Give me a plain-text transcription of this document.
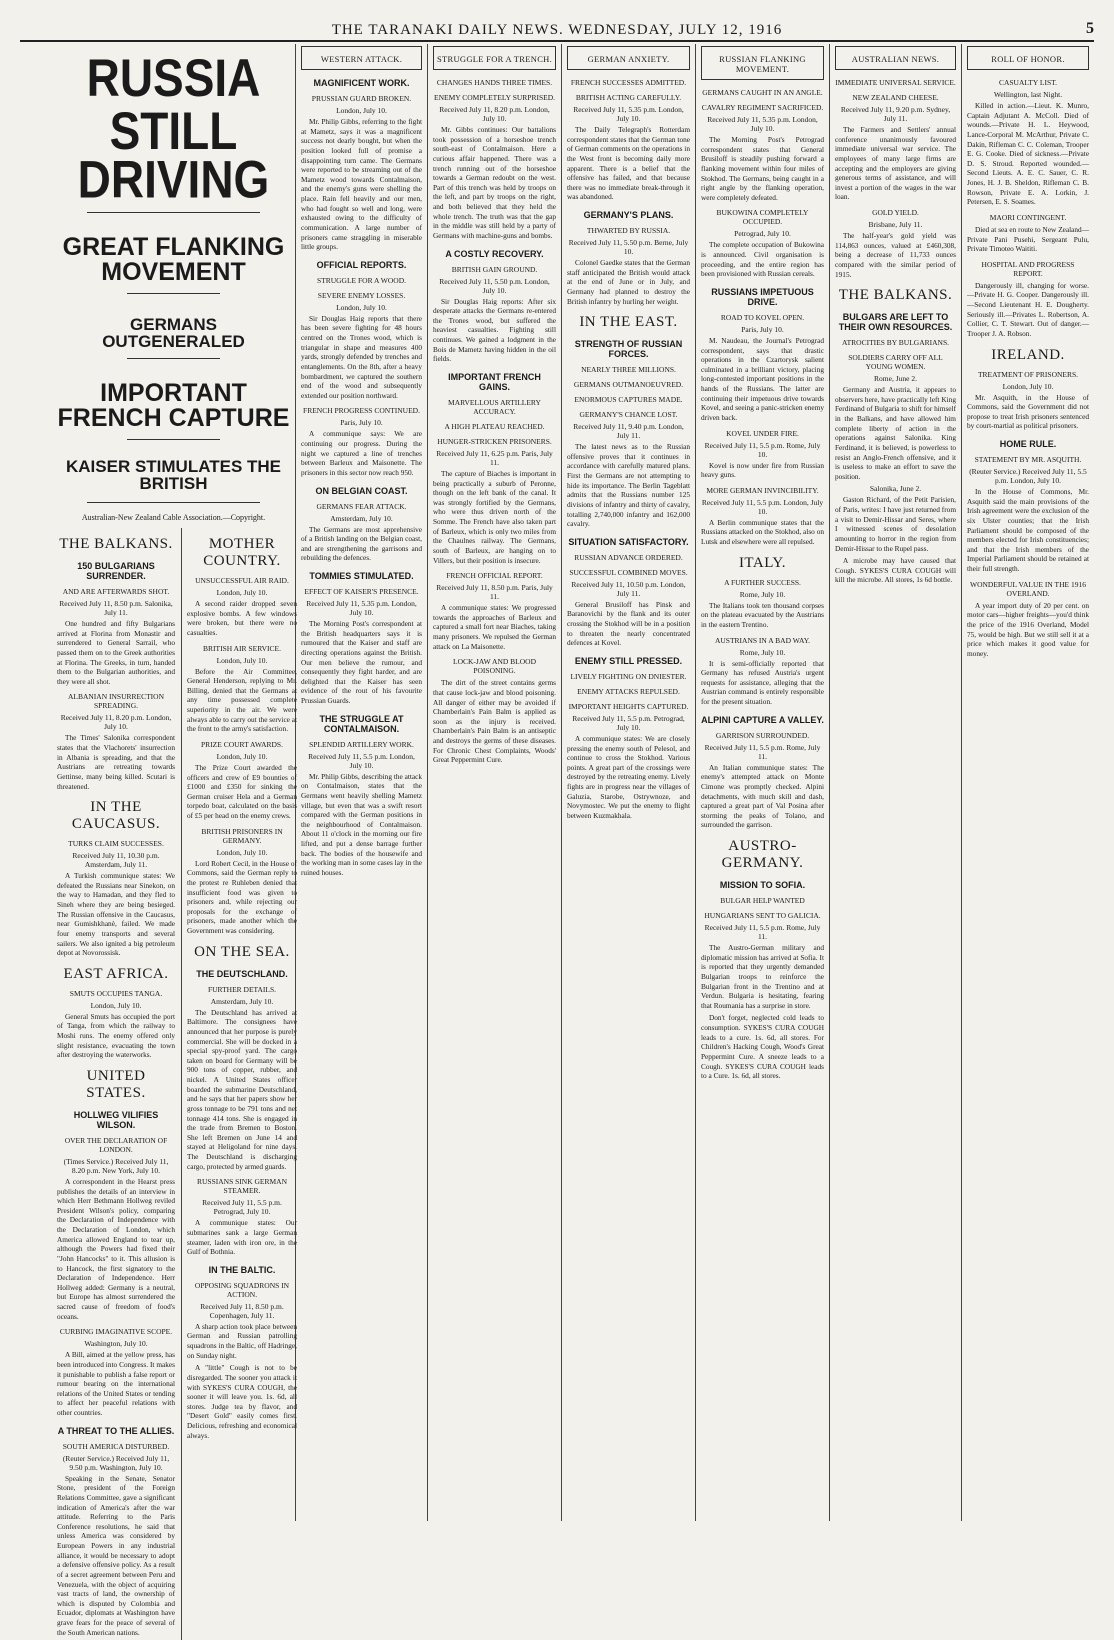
THE TARANAKI DAILY NEWS. WEDNESDAY, JULY 12, 1916	5
RUSSIA STILL
DRIVING
GREAT FLANKING MOVEMENT
GERMANS OUTGENERALED
IMPORTANT FRENCH CAPTURE
KAISER STIMULATES THE BRITISH
Australian-New Zealand Cable Association.—Copyright.
THE BALKANS.
150 BULGARIANS SURRENDER.
AND ARE AFTERWARDS SHOT.
Received July 11, 8.50 p.m. Salonika, July 11.

One hundred and fifty Bulgarians arrived at Florina from Monastir and surrendered to General Sarrail, who passed them on to the Greek authorities at Florina. The Greeks, in turn, handed them to the Bulgarian authorities, and they were all shot.

ALBANIAN INSURRECTION SPREADING.
Received July 11, 8.20 p.m. London, July 10.

The Times' Salonika correspondent states that the Vlachorets' insurrection in Albania is spreading, and that the Austrians are retreating towards Gettinse, many being killed. Scutari is threatened.

IN THE CAUCASUS.
TURKS CLAIM SUCCESSES.
Received July 11, 10.30 p.m. Amsterdam, July 11.

A Turkish communique states: We defeated the Russians near Sinekon, on the way to Hamadan, and they fled to Sineh where they are being besieged. The Russian offensive in the Caucasus, near Gumishkhanè, failed. We made four enemy transports and several sailers. We also ignited a big petroleum depot at Novorossisk.

EAST AFRICA.
SMUTS OCCUPIES TANGA.
London, July 10.

General Smuts has occupied the port of Tanga, from which the railway to Moshi runs. The enemy offered only slight resistance, evacuating the town after destroying the waterworks.

UNITED STATES.
HOLLWEG VILIFIES WILSON.
OVER THE DECLARATION OF LONDON.
(Times Service.) Received July 11, 8.20 p.m. New York, July 10.

A correspondent in the Hearst press publishes the details of an interview in which Herr Bethmann Hollweg reviled President Wilson's policy, comparing the Declaration of Independence with the Declaration of London, which America allowed England to tear up, although the Powers had fixed their "John Hancocks" to it. This allusion is to Hancock, the first signatory to the Declaration of Independence. Herr Hollweg added: Germany is a neutral, but Europe has almost surrendered the sacred cause of freedom of food's oceans.

CURBING IMAGINATIVE SCOPE.
Washington, July 10.

A Bill, aimed at the yellow press, has been introduced into Congress. It makes it punishable to publish a false report or rumour bearing on the international relations of the United States or tending to affect her peaceful relations with other countries.

A THREAT TO THE ALLIES.
SOUTH AMERICA DISTURBED.
(Reuter Service.) Received July 11, 9.50 p.m. Washington, July 10.

Speaking in the Senate, Senator Stone, president of the Foreign Relations Committee, gave a significant indication of America's after the war attitude. Referring to the Paris Conference resolutions, he said that unless America was considered by European Powers in any industrial alliance, it would be necessary to adopt a defensive offensive policy. As a result of a secret agreement between Peru and Venezuela, with the object of acquiring vast tracts of land, the ownership of which is disputed by Colombia and Ecuador, diplomats at Washington have grave fears for the peace of several of the South American nations.

MOTHER COUNTRY.
UNSUCCESSFUL AIR RAID.
London, July 10.

A second raider dropped seven explosive bombs. A few windows were broken, but there were no casualties.

BRITISH AIR SERVICE.
London, July 10.

Before the Air Committee, General Henderson, replying to Mr. Billing, denied that the Germans at any time possessed complete superiority in the air. We were always able to carry out the service at the front to the army's satisfaction.

PRIZE COURT AWARDS.
London, July 10.

The Prize Court awarded the officers and crew of E9 bounties of £1000 and £350 for sinking the German cruiser Hela and a German torpedo boat, calculated on the basis of £5 per head on the enemy crews.

BRITISH PRISONERS IN GERMANY.
London, July 10.

Lord Robert Cecil, in the House of Commons, said the German reply to the protest re Ruhleben denied that insufficient food was given to prisoners and, while rejecting our proposals for the exchange of prisoners, made another which the Government was considering.

ON THE SEA.
THE DEUTSCHLAND.
FURTHER DETAILS.
Amsterdam, July 10.

The Deutschland has arrived at Baltimore. The consignees have announced that her purpose is purely commercial. She will be docked in a special spy-proof yard. The cargo taken on board for Germany will be 900 tons of copper, rubber, and nickel. A United States officer boarded the submarine Deutschland, and he says that her papers show her gross tonnage to be 791 tons and net tonnage 414 tons. She is engaged in the trade from Bremen to Boston. She left Bremen on June 14 and stayed at Heligoland for nine days. The Deutschland is discharging cargo, protected by armed guards.

RUSSIANS SINK GERMAN STEAMER.
Received July 11, 5.5 p.m. Petrograd, July 10.

A communique states: Our submarines sank a large German steamer, laden with iron ore, in the Gulf of Bothnia.

IN THE BALTIC.
OPPOSING SQUADRONS IN ACTION.
Received July 11, 8.50 p.m. Copenhagen, July 11.

A sharp action took place between German and Russian patrolling squadrons in the Baltic, off Hadringe, on Sunday night.

A "little" Cough is not to be disregarded. The sooner you attack it with SYKES'S CURA COUGH, the sooner it will leave you. 1s. 6d, all stores. Judge tea by flavor, and "Desert Gold" easily comes first. Delicious, refreshing and economical always.

WESTERN ATTACK.
MAGNIFICENT WORK.
PRUSSIAN GUARD BROKEN.
London, July 10.

Mr. Philip Gibbs, referring to the fight at Mametz, says it was a magnificent success not dearly bought, but when the position looked full of promise a disappointing turn came. The Germans were reported to be streaming out of the Mametz wood towards Contalmaison, and the enemy's guns were shelling the place. Rain fell heavily and our men, who had fought so well and long, were exhausted owing to the difficulty of communication. A large number of prisoners came straggling in miserable little groups.

OFFICIAL REPORTS.
STRUGGLE FOR A WOOD.
SEVERE ENEMY LOSSES.
London, July 10.

Sir Douglas Haig reports that there has been severe fighting for 48 hours centred on the Trones wood, which is triangular in shape and measures 400 yards, strongly defended by trenches and entanglements. On the 8th, after a heavy bombardment, we captured the southern end of the wood and subsequently extended our position northward.

FRENCH PROGRESS CONTINUED.
Paris, July 10.

A communique says: We are continuing our progress. During the night we captured a line of trenches between Barleux and Maisonette. The prisoners in this sector now reach 950.

ON BELGIAN COAST.
GERMANS FEAR ATTACK.
Amsterdam, July 10.

The Germans are most apprehensive of a British landing on the Belgian coast, and are strengthening the garrisons and rebuilding the defences.

TOMMIES STIMULATED.
EFFECT OF KAISER'S PRESENCE.
Received July 11, 5.35 p.m. London, July 10.

The Morning Post's correspondent at the British headquarters says it is rumoured that the Kaiser and staff are directing operations against the British. Our men believe the rumour, and consequently they fight harder, and are delighted that the Kaiser has seen evidence of the rout of his favourite Prussian Guards.

THE STRUGGLE AT CONTALMAISON.
SPLENDID ARTILLERY WORK.
Received July 11, 5.5 p.m. London, July 10.

Mr. Philip Gibbs, describing the attack on Contalmaison, states that the Germans went heavily shelling Mametz village, but even that was a swift resort compared with the German positions in the neighbourhood of Contalmaison. About 11 o'clock in the morning our fire lifted, and put a dense barrage further back. The bodies of the housewife and the working man in some cases lay in the ruined houses.

STRUGGLE FOR A TRENCH.
CHANGES HANDS THREE TIMES.
ENEMY COMPLETELY SURPRISED.
Received July 11, 8.20 p.m. London, July 10.

Mr. Gibbs continues: Our battalions took possession of a horseshoe trench south-east of Contalmaison. Here a curious affair happened. There was a trench running out of the horseshoe towards a German redoubt on the west. Part of this trench was held by troops on the left, and part by troops on the right, and both believed that they held the whole trench. The truth was that the gap in the middle was still held by a party of Germans with machine-guns and bombs.

A COSTLY RECOVERY.
BRITISH GAIN GROUND.
Received July 11, 5.50 p.m. London, July 10.

Sir Douglas Haig reports: After six desperate attacks the Germans re-entered the Trones wood, but suffered the heaviest casualties. Fighting still continues. We gained a lodgment in the Bois de Mametz having hidden in the oil fields.

IMPORTANT FRENCH GAINS.
MARVELLOUS ARTILLERY ACCURACY.
A HIGH PLATEAU REACHED.
HUNGER-STRICKEN PRISONERS.
Received July 11, 6.25 p.m. Paris, July 11.

The capture of Biaches is important in being practically a suburb of Peronne, though on the left bank of the canal. It was strongly fortified by the Germans, who were thus driven north of the Somme. The French have also taken part of Barleux, which is only two miles from the Chaulnes railway. The Germans, south of Barleux, are hanging on to Villers, but their position is insecure.

FRENCH OFFICIAL REPORT.
Received July 11, 8.50 p.m. Paris, July 11.

A communique states: We progressed towards the approaches of Barleux and captured a small fort near Biaches, taking many prisoners. We repulsed the German attack on La Maisonette.

LOCK-JAW AND BLOOD POISONING.

The dirt of the street contains germs that cause lock-jaw and blood poisoning. All danger of either may be avoided if Chamberlain's Pain Balm is applied as soon as the injury is received. Chamberlain's Pain Balm is an antiseptic and destroys the germs of these diseases. For Chronic Chest Complaints, Woods' Great Peppermint Cure.

GERMAN ANXIETY.
FRENCH SUCCESSES ADMITTED.
BRITISH ACTING CAREFULLY.
Received July 11, 5.35 p.m. London, July 10.

The Daily Telegraph's Rotterdam correspondent states that the German tone of German comments on the operations in the West front is becoming daily more apparent. There is a belief that the offensive has failed, and that because there was no immediate break-through it was abandoned.

GERMANY'S PLANS.
THWARTED BY RUSSIA.
Received July 11, 5.50 p.m. Berne, July 10.

Colonel Gaedke states that the German staff anticipated the British would attack at the end of June or in July, and Germany had planned to destroy the British infantry by hurling her weight.

IN THE EAST.
STRENGTH OF RUSSIAN FORCES.
NEARLY THREE MILLIONS.
GERMANS OUTMANOEUVRED.
ENORMOUS CAPTURES MADE.
GERMANY'S CHANCE LOST.
Received July 11, 9.40 p.m. London, July 11.

The latest news as to the Russian offensive proves that it continues in accordance with carefully matured plans. First the Germans are not attempting to hide its importance. The Berlin Tageblatt admits that the Russians number 125 divisions of infantry and thirty of cavalry, totalling 2,740,000 infantry and 162,000 cavalry.

SITUATION SATISFACTORY.
RUSSIAN ADVANCE ORDERED.
SUCCESSFUL COMBINED MOVES.
Received July 11, 10.50 p.m. London, July 11.

General Brusiloff has Pinsk and Baranovichi by the flank and its outer crossing the Stokhod will be in a position to threaten the nearly concentrated defences at Kovel.

ENEMY STILL PRESSED.
LIVELY FIGHTING ON DNIESTER.
ENEMY ATTACKS REPULSED.
IMPORTANT HEIGHTS CAPTURED.
Received July 11, 5.5 p.m. Petrograd, July 10.

A communique states: We are closely pressing the enemy south of Pelesol, and continue to cross the Stokhod. Various points. A great part of the crossings were destroyed by the retreating enemy. Lively fights are in progress near the villages of Galuzia, Starobe, Ostrywnoze, and Novymostec. We put the enemy to flight between Kuzmakhala.

RUSSIAN FLANKING MOVEMENT.
GERMANS CAUGHT IN AN ANGLE.
CAVALRY REGIMENT SACRIFICED.
Received July 11, 5.35 p.m. London, July 10.

The Morning Post's Petrograd correspondent states that General Brusiloff is steadily pushing forward a flanking movement within four miles of Stokhod. The Germans, being caught in a right angle by the flanking operation, were completely defeated.

BUKOWINA COMPLETELY OCCUPIED.
Petrograd, July 10.

The complete occupation of Bukowina is announced. Civil organisation is proceeding, and the entire region has been provisioned with Russian cereals.

RUSSIANS IMPETUOUS DRIVE.
ROAD TO KOVEL OPEN.
Paris, July 10.

M. Naudeau, the Journal's Petrograd correspondent, says that drastic operations in the Czartorysk salient culminated in a brilliant victory, placing long-contested important positions in the hands of the Russians. The latter are continuing their impetuous drive towards Kovel, and seeing a panic-stricken enemy driven back.

KOVEL UNDER FIRE.
Received July 11, 5.5 p.m. Rome, July 10.

Kovel is now under fire from Russian heavy guns.

MORE GERMAN INVINCIBILITY.
Received July 11, 5.5 p.m. London, July 10.

A Berlin communique states that the Russians attacked on the Stokhod, also on Lutsk and elsewhere were all repulsed.

ITALY.
A FURTHER SUCCESS.
Rome, July 10.

The Italians took ten thousand corpses on the plateau evacuated by the Austrians in the eastern Trentino.

AUSTRIANS IN A BAD WAY.
Rome, July 10.

It is semi-officially reported that Germany has refused Austria's urgent requests for assistance, alleging that the Austrian command is entirely responsible for the present situation.

ALPINI CAPTURE A VALLEY.
GARRISON SURROUNDED.
Received July 11, 5.5 p.m. Rome, July 11.

An Italian communique states: The enemy's attempted attack on Monte Cimone was promptly checked. Alpini detachments, with much skill and dash, captured a great part of Val Posina after storming the peaks of Tolano, and surrounded the garrison.

AUSTRO-GERMANY.
MISSION TO SOFIA.
BULGAR HELP WANTED
HUNGARIANS SENT TO GALICIA.
Received July 11, 5.5 p.m. Rome, July 11.

The Austro-German military and diplomatic mission has arrived at Sofia. It is reported that they urgently demanded Bulgarian troops to reinforce the Bulgarian front in the Trentino and at Verdun. Bulgaria is hesitating, fearing that Roumania has a surprise in store.

Don't forget, neglected cold leads to consumption. SYKES'S CURA COUGH leads to a cure. 1s. 6d, all stores. For Children's Hacking Cough, Wood's Great Peppermint Cure. A sneeze leads to a Cough. SYKES'S CURA COUGH leads to a Cure. 1s. 6d, all stores.

AUSTRALIAN NEWS.
IMMEDIATE UNIVERSAL SERVICE.
NEW ZEALAND CHEESE.
Received July 11, 9.20 p.m. Sydney, July 11.

The Farmers and Settlers' annual conference unanimously favoured immediate universal war service. The employees of many large firms are accepting and the employers are giving generous terms of assistance, and will invest a portion of the wages in the war loan.

GOLD YIELD.
Brisbane, July 11.

The half-year's gold yield was 114,863 ounces, valued at £460,308, being a decrease of 11,733 ounces compared with the similar period of 1915.

THE BALKANS.
BULGARS ARE LEFT TO THEIR OWN RESOURCES.
ATROCITIES BY BULGARIANS.
SOLDIERS CARRY OFF ALL YOUNG WOMEN.
Rome, June 2.

Germany and Austria, it appears to observers here, have practically left King Ferdinand of Bulgaria to shift for himself in the Balkans, and have allowed him complete liberty of action in the operations against Salonika. King Ferdinand, it is believed, is powerless to resist an Anglo-French offensive, and it is useless to make an effort to save the position.

Salonika, June 2.

Gaston Richard, of the Petit Parisien, of Paris, writes: I have just returned from a visit to Demir-Hissar and Seres, where I witnessed scenes of desolation amounting to horror in the region from Demir-Hissar to the Rupel pass.

A microbe may have caused that Cough. SYKES'S CURA COUGH will kill the microbe. All stores, 1s 6d bottle.

ROLL OF HONOR.
CASUALTY LIST.
Wellington, last Night.

Killed in action.—Lieut. K. Munro, Captain Adjutant A. McColl. Died of wounds.—Private H. L. Heywood, Lance-Corporal M. McArthur, Private C. Dakin, Rifleman C. C. Coleman, Trooper E. G. Cooke. Died of sickness.—Private D. S. Stroud. Reported wounded.—Second Lieuts. A. E. C. Sauer, C. R. Jones, H. J. B. Sheldon, Rifleman C. B. Rowson, Private E. A. Lorkin, J. Petersen, E. S. Soames.

MAORI CONTINGENT.

Died at sea en route to New Zealand—Private Pani Pusehi, Sergeant Pulu, Private Timoteo Waititi.

HOSPITAL AND PROGRESS REPORT.

Dangerously ill, changing for worse.—Private H. G. Cooper. Dangerously ill.—Second Lieutenant H. E. Dougherty. Seriously ill.—Privates L. Robertson, A. Collier, C. T. Stewart. Out of danger.—Trooper J. A. Robson.

IRELAND.
TREATMENT OF PRISONERS.
London, July 10.

Mr. Asquith, in the House of Commons, said the Government did not propose to treat Irish prisoners sentenced by court-martial as political prisoners.

HOME RULE.
STATEMENT BY MR. ASQUITH.
(Reuter Service.) Received July 11, 5.5 p.m. London, July 10.

In the House of Commons, Mr. Asquith said the main provisions of the Irish agreement were the exclusion of the six Ulster counties; that the Irish Parliament should be composed of the members elected for Irish constituencies; and that the Irish members of the Imperial Parliament should be retained at their full strength.

WONDERFUL VALUE IN THE 1916 OVERLAND.

A year import duty of 20 per cent. on motor cars—higher freights—you'd think the price of the 1916 Overland, Model 75, would be high. But we still sell it at a price which makes it good value for money.
